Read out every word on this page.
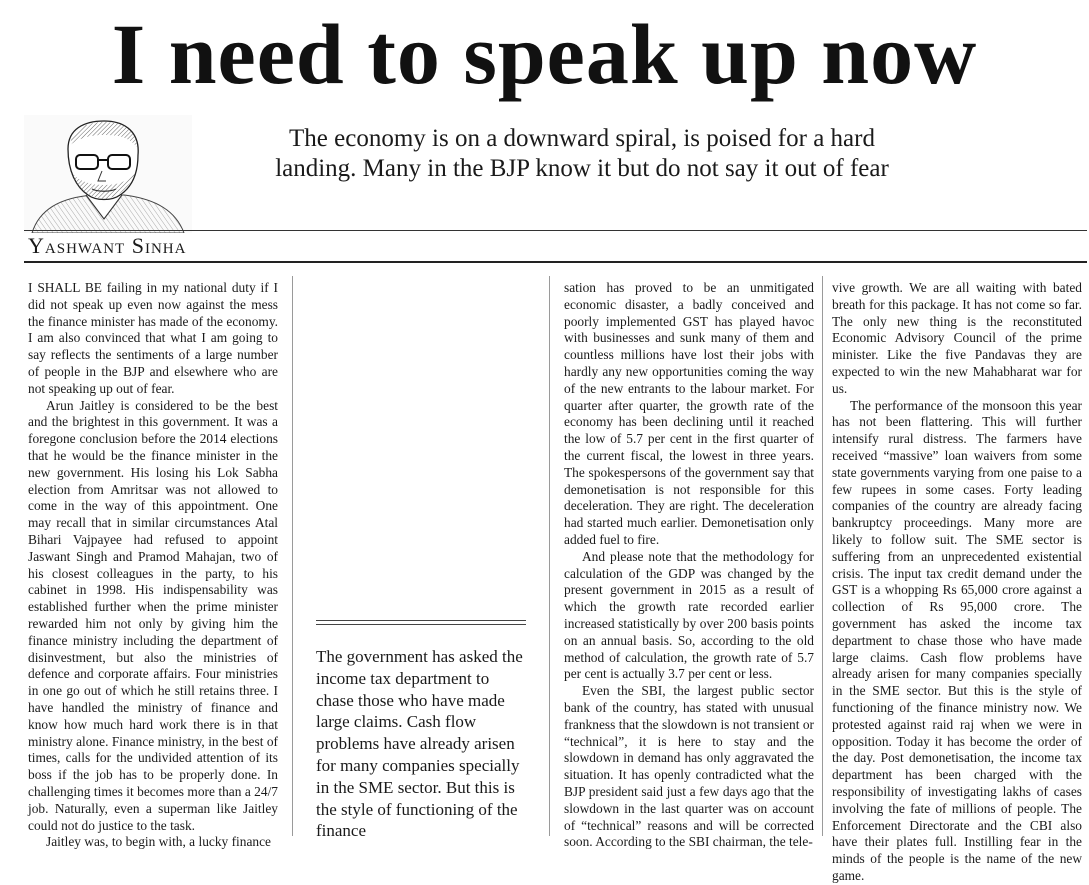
I need to speak up now
The economy is on a downward spiral, is poised for a hard landing. Many in the BJP know it but do not say it out of fear
Yashwant Sinha

I SHALL BE failing in my national duty if I did not speak up even now against the mess the finance minister has made of the economy. I am also convinced that what I am going to say reflects the sentiments of a large number of people in the BJP and elsewhere who are not speaking up out of fear.

Arun Jaitley is considered to be the best and the brightest in this government. It was a foregone conclusion before the 2014 elections that he would be the finance minister in the new government. His losing his Lok Sabha election from Amritsar was not allowed to come in the way of this appointment. One may recall that in similar circumstances Atal Bihari Vajpayee had refused to appoint Jaswant Singh and Pramod Mahajan, two of his closest colleagues in the party, to his cabinet in 1998. His indispensability was established further when the prime minister rewarded him not only by giving him the finance ministry including the department of disinvestment, but also the ministries of defence and corporate affairs. Four ministries in one go out of which he still retains three. I have handled the ministry of finance and know how much hard work there is in that ministry alone. Finance ministry, in the best of times, calls for the undivided attention of its boss if the job has to be properly done. In challenging times it becomes more than a 24/7 job. Naturally, even a superman like Jaitley could not do justice to the task.

Jaitley was, to begin with, a lucky finance

The government has asked the income tax department to chase those who have made large claims. Cash flow problems have already arisen for many companies specially in the SME sector. But this is the style of functioning of the finance

sation has proved to be an unmitigated economic disaster, a badly conceived and poorly implemented GST has played havoc with businesses and sunk many of them and countless millions have lost their jobs with hardly any new opportunities coming the way of the new entrants to the labour market. For quarter after quarter, the growth rate of the economy has been declining until it reached the low of 5.7 per cent in the first quarter of the current fiscal, the lowest in three years. The spokespersons of the government say that demonetisation is not responsible for this deceleration. They are right. The deceleration had started much earlier. Demonetisation only added fuel to fire.

And please note that the methodology for calculation of the GDP was changed by the present government in 2015 as a result of which the growth rate recorded earlier increased statistically by over 200 basis points on an annual basis. So, according to the old method of calculation, the growth rate of 5.7 per cent is actually 3.7 per cent or less.

Even the SBI, the largest public sector bank of the country, has stated with unusual frankness that the slowdown is not transient or “technical”, it is here to stay and the slowdown in demand has only aggravated the situation. It has openly contradicted what the BJP president said just a few days ago that the slowdown in the last quarter was on account of “technical” reasons and will be corrected soon. According to the SBI chairman, the tele-

vive growth. We are all waiting with bated breath for this package. It has not come so far. The only new thing is the reconstituted Economic Advisory Council of the prime minister. Like the five Pandavas they are expected to win the new Mahabharat war for us.

The performance of the monsoon this year has not been flattering. This will further intensify rural distress. The farmers have received “massive” loan waivers from some state governments varying from one paise to a few rupees in some cases. Forty leading companies of the country are already facing bankruptcy proceedings. Many more are likely to follow suit. The SME sector is suffering from an unprecedented existential crisis. The input tax credit demand under the GST is a whopping Rs 65,000 crore against a collection of Rs 95,000 crore. The government has asked the income tax department to chase those who have made large claims. Cash flow problems have already arisen for many companies specially in the SME sector. But this is the style of functioning of the finance ministry now. We protested against raid raj when we were in opposition. Today it has become the order of the day. Post demonetisation, the income tax department has been charged with the responsibility of investigating lakhs of cases involving the fate of millions of people. The Enforcement Directorate and the CBI also have their plates full. Instilling fear in the minds of the people is the name of the new game.
